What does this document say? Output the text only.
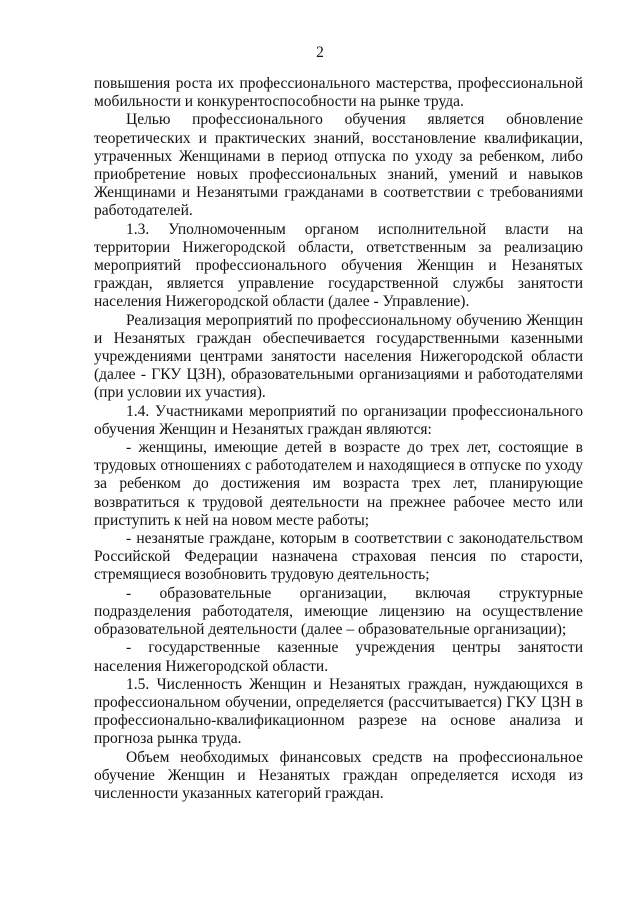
2

повышения роста их профессионального мастерства, профессиональной мобильности и конкурентоспособности на рынке труда.

Целью профессионального обучения является обновление теоретических и практических знаний, восстановление квалификации, утраченных Женщинами в период отпуска по уходу за ребенком, либо приобретение новых профессиональных знаний, умений и навыков Женщинами и Незанятыми гражданами в соответствии с требованиями работодателей.

1.3. Уполномоченным органом исполнительной власти на территории Нижегородской области, ответственным за реализацию мероприятий профессионального обучения Женщин и Незанятых граждан, является управление государственной службы занятости населения Нижегородской области (далее - Управление).

Реализация мероприятий по профессиональному обучению Женщин и Незанятых граждан обеспечивается государственными казенными учреждениями центрами занятости населения Нижегородской области (далее - ГКУ ЦЗН), образовательными организациями и работодателями (при условии их участия).

1.4. Участниками мероприятий по организации профессионального обучения Женщин и Незанятых граждан являются:

- женщины, имеющие детей в возрасте до трех лет, состоящие в трудовых отношениях с работодателем и находящиеся в отпуске по уходу за ребенком до достижения им возраста трех лет, планирующие возвратиться к трудовой деятельности на прежнее рабочее место или приступить к ней на новом месте работы;

- незанятые граждане, которым в соответствии с законодательством Российской Федерации назначена страховая пенсия по старости, стремящиеся возобновить трудовую деятельность;

- образовательные организации, включая структурные подразделения работодателя, имеющие лицензию на осуществление образовательной деятельности (далее – образовательные организации);

- государственные казенные учреждения центры занятости населения Нижегородской области.

1.5. Численность Женщин и Незанятых граждан, нуждающихся в профессиональном обучении, определяется (рассчитывается) ГКУ ЦЗН в профессионально-квалификационном разрезе на основе анализа и прогноза рынка труда.

Объем необходимых финансовых средств на профессиональное обучение Женщин и Незанятых граждан определяется исходя из численности указанных категорий граждан.
